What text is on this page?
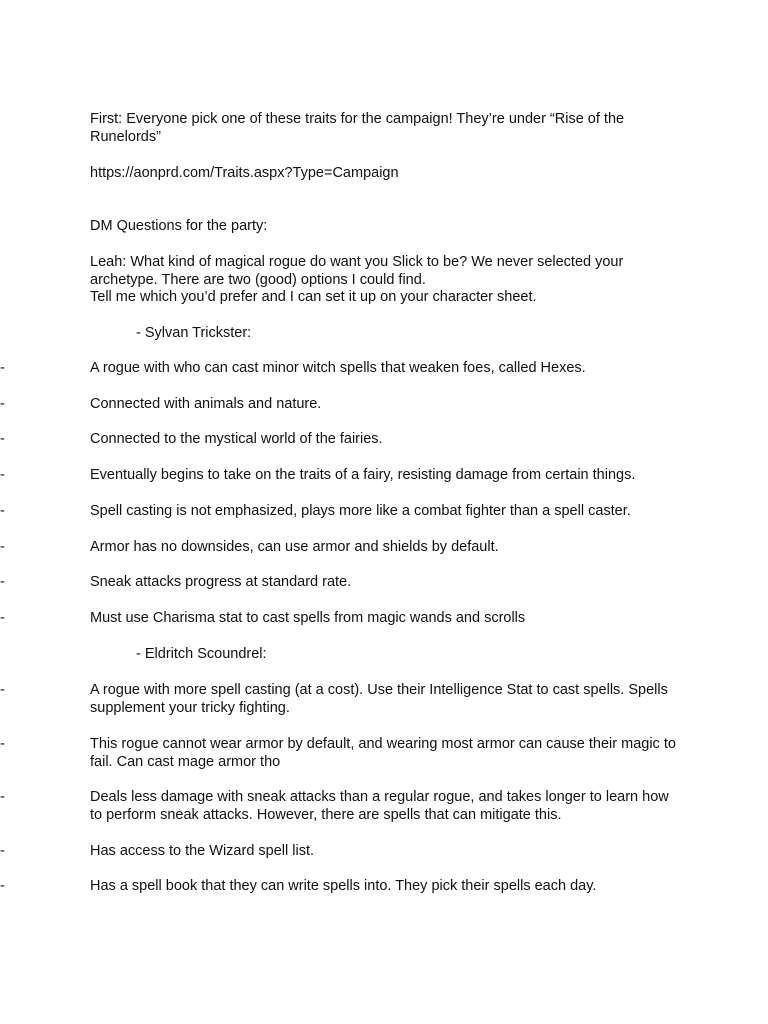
First: Everyone pick one of these traits for the campaign! They’re under “Rise of the Runelords”

https://aonprd.com/Traits.aspx?Type=Campaign

DM Questions for the party:

Leah: What kind of magical rogue do want you Slick to be? We never selected your archetype. There are two (good) options I could find.

Tell me which you’d prefer and I can set it up on your character sheet.

- Sylvan Trickster:

-	A rogue with who can cast minor witch spells that weaken foes, called Hexes.
-	Connected with animals and nature.
-	Connected to the mystical world of the fairies.
-	Eventually begins to take on the traits of a fairy, resisting damage from certain things.
-	Spell casting is not emphasized, plays more like a combat fighter than a spell caster.
-	Armor has no downsides, can use armor and shields by default.
-	Sneak attacks progress at standard rate.
-	Must use Charisma stat to cast spells from magic wands and scrolls

- Eldritch Scoundrel:

-	A rogue with more spell casting (at a cost). Use their Intelligence Stat to cast spells. Spells supplement your tricky fighting.
-	This rogue cannot wear armor by default, and wearing most armor can cause their magic to fail. Can cast mage armor tho
-	Deals less damage with sneak attacks than a regular rogue, and takes longer to learn how to perform sneak attacks. However, there are spells that can mitigate this.
-	Has access to the Wizard spell list.
-	Has a spell book that they can write spells into. They pick their spells each day.
